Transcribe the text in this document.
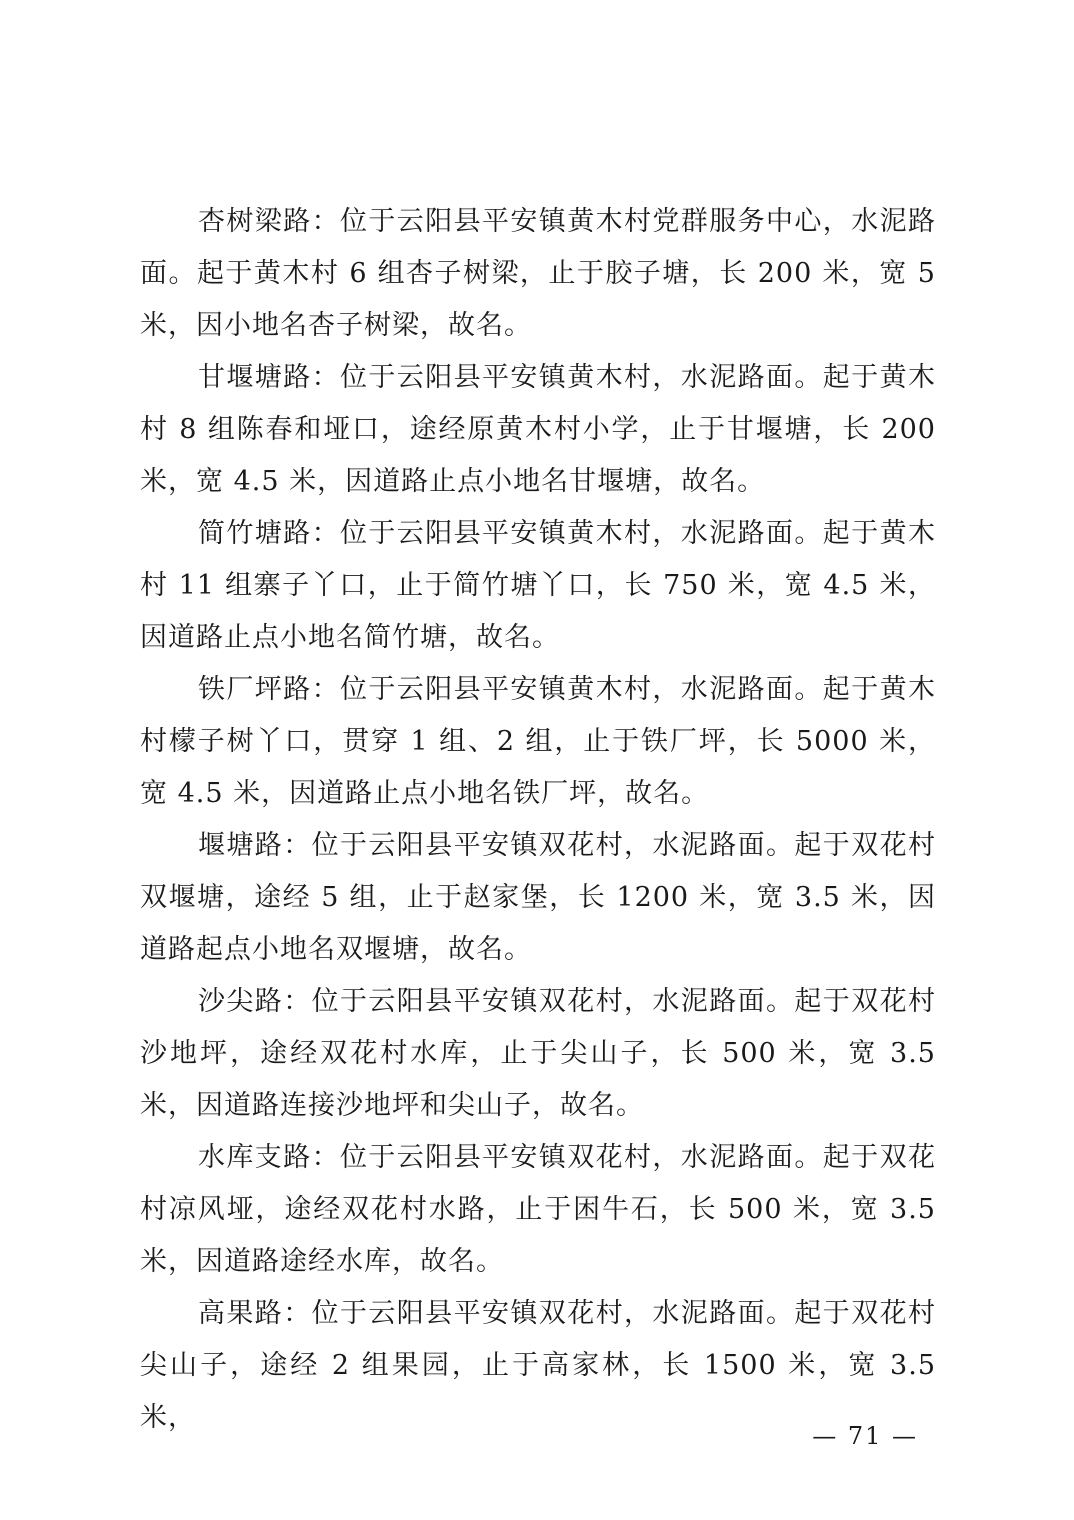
杏树梁路：位于云阳县平安镇黄木村党群服务中心，水泥路面。起于黄木村 6 组杏子树梁，止于胶子塘，长 200 米，宽 5 米，因小地名杏子树梁，故名。

甘堰塘路：位于云阳县平安镇黄木村，水泥路面。起于黄木村 8 组陈春和垭口，途经原黄木村小学，止于甘堰塘，长 200 米，宽 4.5 米，因道路止点小地名甘堰塘，故名。

简竹塘路：位于云阳县平安镇黄木村，水泥路面。起于黄木村 11 组寨子丫口，止于简竹塘丫口，长 750 米，宽 4.5 米，因道路止点小地名简竹塘，故名。

铁厂坪路：位于云阳县平安镇黄木村，水泥路面。起于黄木村檬子树丫口，贯穿 1 组、2 组，止于铁厂坪，长 5000 米，宽 4.5 米，因道路止点小地名铁厂坪，故名。

堰塘路：位于云阳县平安镇双花村，水泥路面。起于双花村双堰塘，途经 5 组，止于赵家堡，长 1200 米，宽 3.5 米，因道路起点小地名双堰塘，故名。

沙尖路：位于云阳县平安镇双花村，水泥路面。起于双花村沙地坪，途经双花村水库，止于尖山子，长 500 米，宽 3.5 米，因道路连接沙地坪和尖山子，故名。

水库支路：位于云阳县平安镇双花村，水泥路面。起于双花村凉风垭，途经双花村水路，止于困牛石，长 500 米，宽 3.5 米，因道路途经水库，故名。

高果路：位于云阳县平安镇双花村，水泥路面。起于双花村尖山子，途经 2 组果园，止于高家林，长 1500 米，宽 3.5 米，

— 71 —
